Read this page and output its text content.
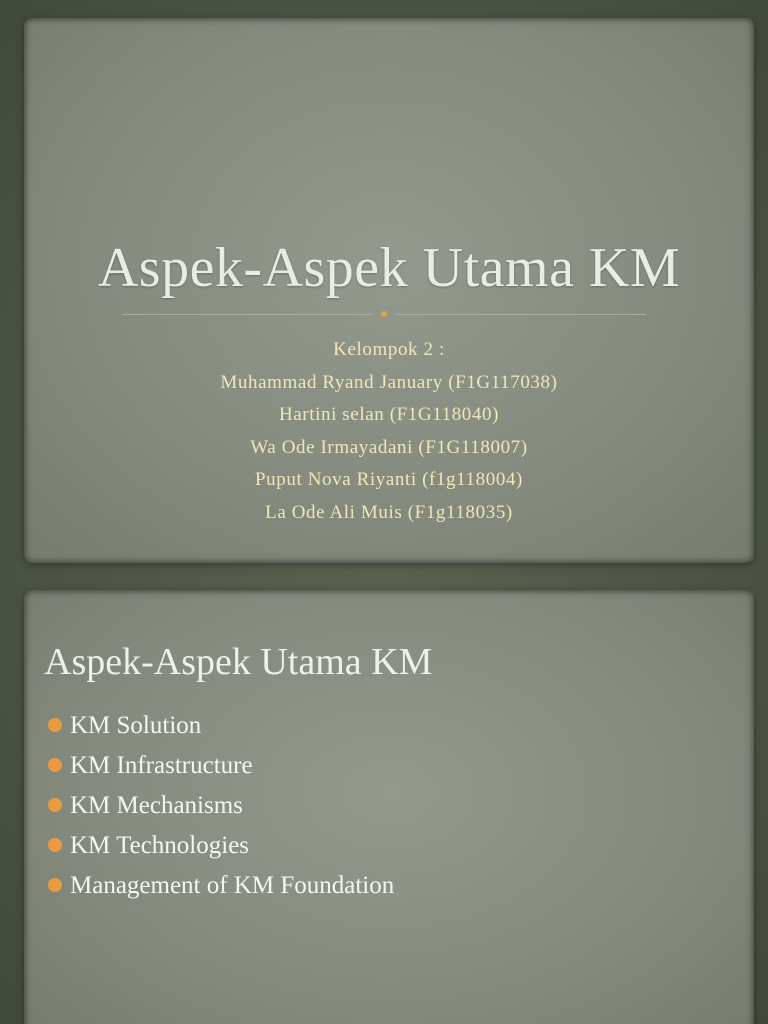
Aspek-Aspek Utama KM
Kelompok 2 :
Muhammad Ryand January (F1G117038)
Hartini selan (F1G118040)
Wa Ode Irmayadani (F1G118007)
Puput Nova Riyanti (f1g118004)
La Ode Ali Muis (F1g118035)
Aspek-Aspek Utama KM
KM Solution
KM Infrastructure
KM Mechanisms
KM Technologies
Management of KM Foundation
